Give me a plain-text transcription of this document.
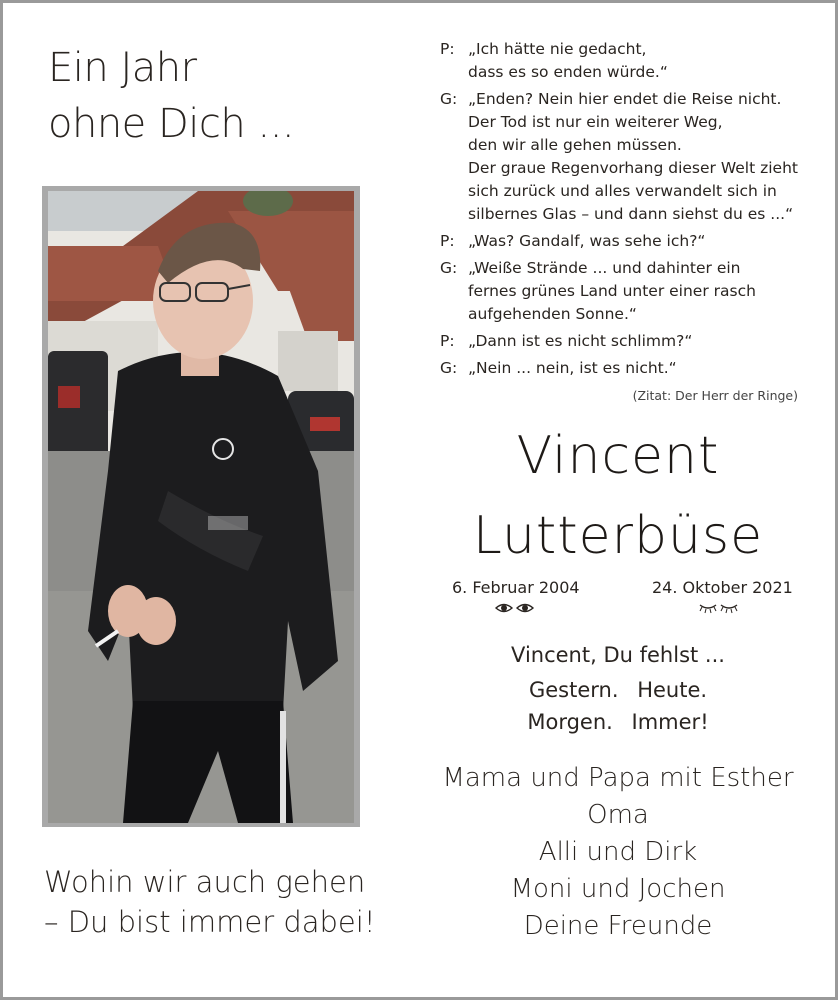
Ein Jahr
ohne Dich ...
Wohin wir auch gehen
– Du bist immer dabei!
P: „Ich hätte nie gedacht,
dass es so enden würde.“
G: „Enden? Nein hier endet die Reise nicht.
Der Tod ist nur ein weiterer Weg,
den wir alle gehen müssen.
Der graue Regenvorhang dieser Welt zieht
sich zurück und alles verwandelt sich in
silbernes Glas – und dann siehst du es ...“
P: „Was? Gandalf, was sehe ich?“
G: „Weiße Strände ... und dahinter ein
fernes grünes Land unter einer rasch
aufgehenden Sonne.“
P: „Dann ist es nicht schlimm?“
G: „Nein ... nein, ist es nicht.“
(Zitat: Der Herr der Ringe)
Vincent
Lutterbüse
6. Februar 2004	24. Oktober 2021
Vincent, Du fehlst ...
Gestern. Heute.
Morgen. Immer!
Mama und Papa mit Esther
Oma
Alli und Dirk
Moni und Jochen
Deine Freunde
